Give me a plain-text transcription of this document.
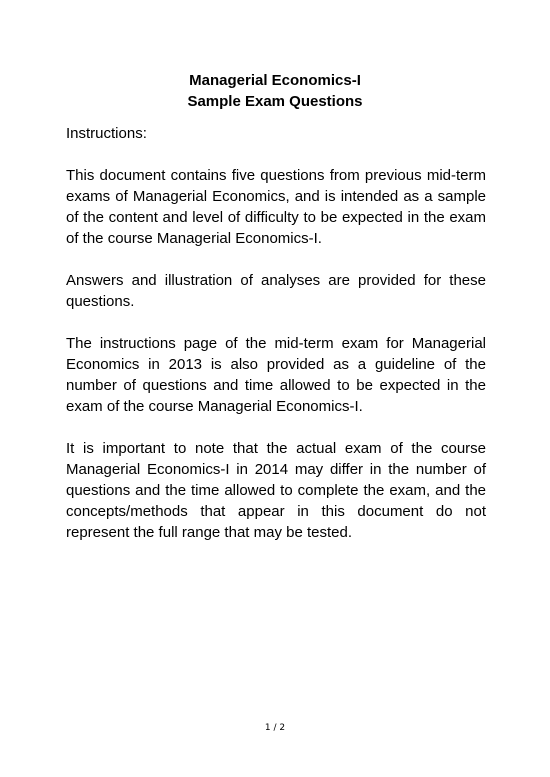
Managerial Economics-I
Sample Exam Questions

Instructions:

This document contains five questions from previous mid-term exams of Managerial Economics, and is intended as a sample of the content and level of difficulty to be expected in the exam of the course Managerial Economics-I.

Answers and illustration of analyses are provided for these questions.

The instructions page of the mid-term exam for Managerial Economics in 2013 is also provided as a guideline of the number of questions and time allowed to be expected in the exam of the course Managerial Economics-I.

It is important to note that the actual exam of the course Managerial Economics-I in 2014 may differ in the number of questions and the time allowed to complete the exam, and the concepts/methods that appear in this document do not represent the full range that may be tested.

1 / 2
